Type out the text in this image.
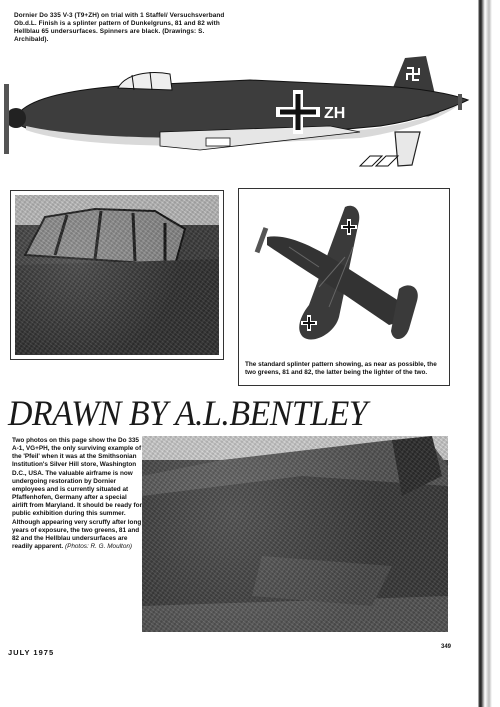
Dornier Do 335 V-3 (T9+ZH) on trial with 1 Staffel/ Versuchsverband Ob.d.L. Finish is a splinter pattern of Dunkelgruns, 81 and 82 with Hellblau 65 undersurfaces. Spinners are black. (Drawings: S. Archibald).
ZH
The standard splinter pattern showing, as near as possible, the two greens, 81 and 82, the latter being the lighter of the two.
DRAWN BY A.L.BENTLEY
Two photos on this page show the Do 335 A-1, VG+PH, the only surviving example of the 'Pfeil' when it was at the Smithsonian Institution's Silver Hill store, Washington D.C., USA. The valuable airframe is now undergoing restoration by Dornier employees and is currently situated at Pfaffenhofen, Germany after a special airlift from Maryland. It should be ready for public exhibition during this summer. Although appearing very scruffy after long years of exposure, the two greens, 81 and 82 and the Hellblau undersurfaces are readily apparent. (Photos: R. G. Moulton)
JULY 1975
349
